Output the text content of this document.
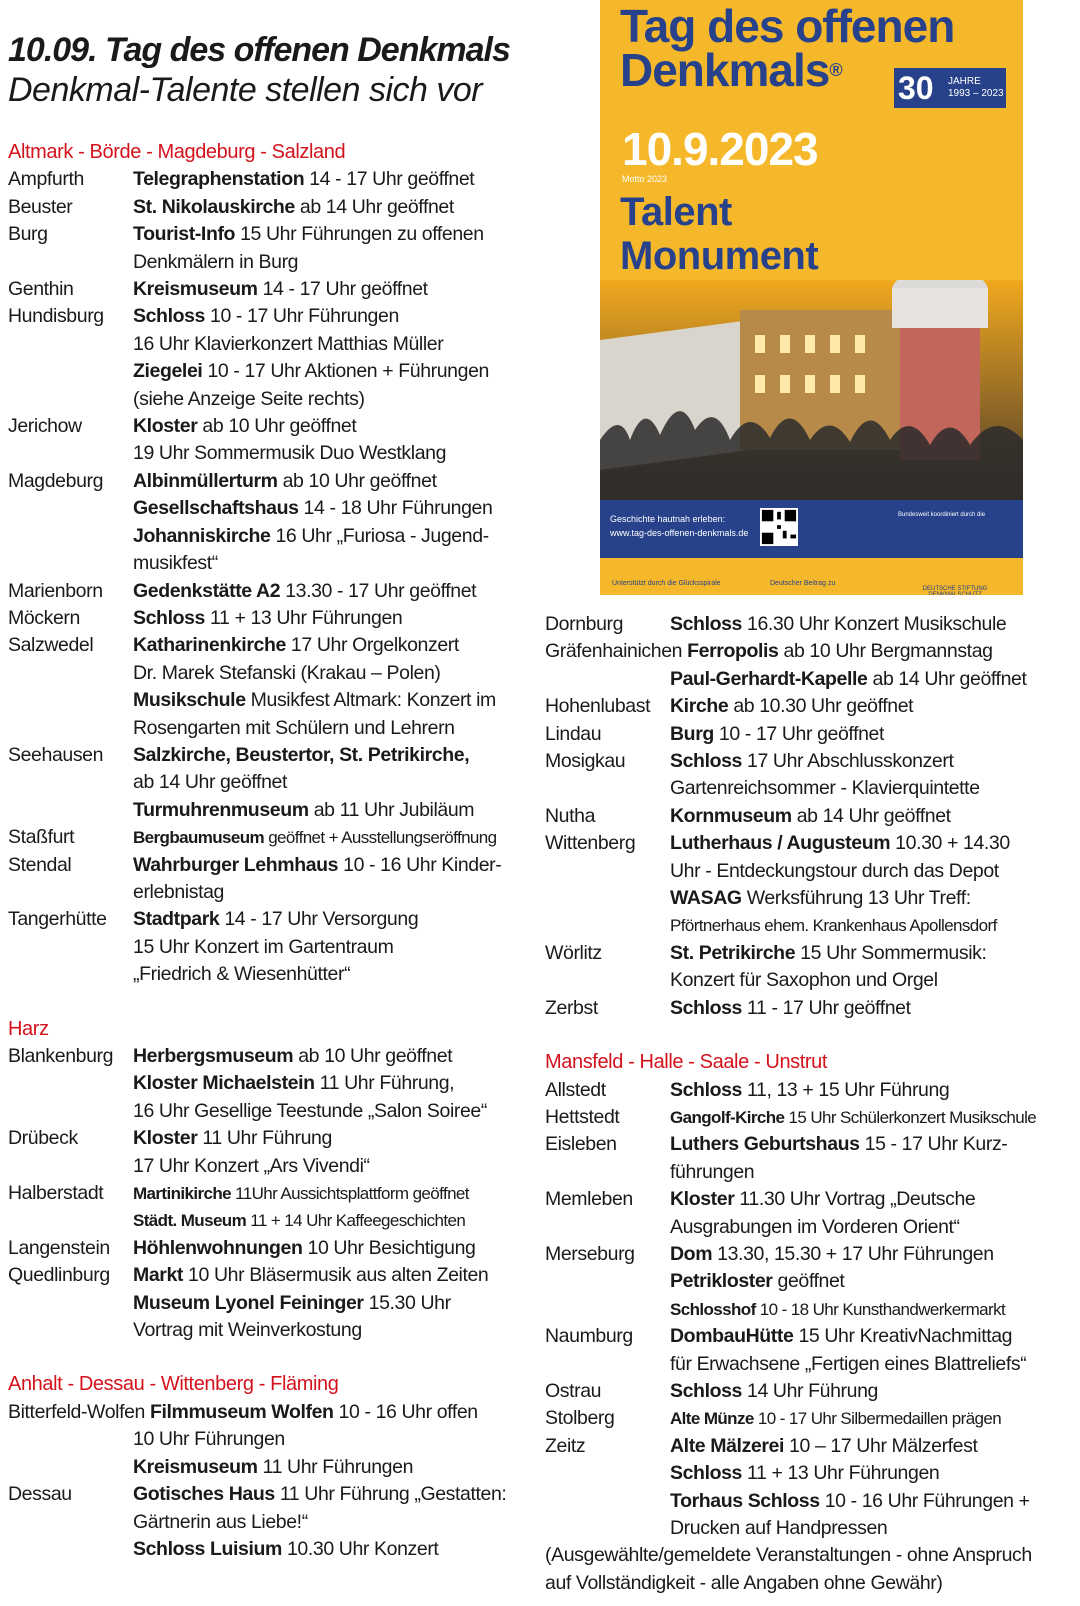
10.09. Tag des offenen Denkmals
Denkmal-Talente stellen sich vor
Tag des offenen
Denkmals®	30	JAHRE
1993 – 2023
10.9.2023
Motto 2023
Talent
Monument
Geschichte hautnah erleben:
www.tag-des-offenen-denkmals.de
Bundesweit koordiniert durch die
Unterstützt durch die Glücksspirale	Deutscher Beitrag zu
DEUTSCHE STIFTUNG DENKMALSCHUTZ
Altmark - Börde - Magdeburg - Salzland
Ampfurth	Telegraphenstation 14 - 17 Uhr geöffnet
Beuster	St. Nikolauskirche ab 14 Uhr geöffnet
Burg	Tourist-Info 15 Uhr Führungen zu offenen
Denkmälern in Burg
Genthin	Kreismuseum 14 - 17 Uhr geöffnet
Hundisburg	Schloss 10 - 17 Uhr Führungen
16 Uhr Klavierkonzert Matthias Müller
Ziegelei 10 - 17 Uhr Aktionen + Führungen
(siehe Anzeige Seite rechts)
Jerichow	Kloster ab 10 Uhr geöffnet
19 Uhr Sommermusik Duo Westklang
Magdeburg	Albinmüllerturm ab 10 Uhr geöffnet
Gesellschaftshaus 14 - 18 Uhr Führungen
Johanniskirche 16 Uhr „Furiosa - Jugend-
musikfest“
Marienborn	Gedenkstätte A2 13.30 - 17 Uhr geöffnet
Möckern	Schloss 11 + 13 Uhr Führungen
Salzwedel	Katharinenkirche 17 Uhr Orgelkonzert
Dr. Marek Stefanski (Krakau – Polen)
Musikschule Musikfest Altmark: Konzert im
Rosengarten mit Schülern und Lehrern
Seehausen	Salzkirche, Beustertor, St. Petrikirche,
ab 14 Uhr geöffnet
Turmuhrenmuseum ab 11 Uhr Jubiläum
Staßfurt	Bergbaumuseum geöffnet + Ausstellungseröffnung
Stendal	Wahrburger Lehmhaus 10 - 16 Uhr Kinder-
erlebnistag
Tangerhütte	Stadtpark 14 - 17 Uhr Versorgung
15 Uhr Konzert im Gartentraum
„Friedrich & Wiesenhütter“
Harz
Blankenburg	Herbergsmuseum ab 10 Uhr geöffnet
Kloster Michaelstein 11 Uhr Führung,
16 Uhr Gesellige Teestunde „Salon Soiree“
Drübeck	Kloster 11 Uhr Führung
17 Uhr Konzert „Ars Vivendi“
Halberstadt	Martinikirche 11Uhr Aussichtsplattform geöffnet
Städt. Museum 11 + 14 Uhr Kaffeegeschichten
Langenstein	Höhlenwohnungen 10 Uhr Besichtigung
Quedlinburg	Markt 10 Uhr Bläsermusik aus alten Zeiten
Museum Lyonel Feininger 15.30 Uhr
Vortrag mit Weinverkostung
Anhalt - Dessau - Wittenberg - Fläming
Bitterfeld-Wolfen Filmmuseum Wolfen 10 - 16 Uhr offen
10 Uhr Führungen
Kreismuseum 11 Uhr Führungen
Dessau	Gotisches Haus 11 Uhr Führung „Gestatten:
Gärtnerin aus Liebe!“
Schloss Luisium 10.30 Uhr Konzert
Dornburg	Schloss 16.30 Uhr Konzert Musikschule
Gräfenhainichen Ferropolis ab 10 Uhr Bergmannstag
Paul-Gerhardt-Kapelle ab 14 Uhr geöffnet
Hohenlubast	Kirche ab 10.30 Uhr geöffnet
Lindau	Burg 10 - 17 Uhr geöffnet
Mosigkau	Schloss 17 Uhr Abschlusskonzert
Gartenreichsommer - Klavierquintette
Nutha	Kornmuseum ab 14 Uhr geöffnet
Wittenberg	Lutherhaus / Augusteum 10.30 + 14.30
Uhr - Entdeckungstour durch das Depot
WASAG Werksführung 13 Uhr Treff:
Pförtnerhaus ehem. Krankenhaus Apollensdorf
Wörlitz	St. Petrikirche 15 Uhr Sommermusik:
Konzert für Saxophon und Orgel
Zerbst	Schloss 11 - 17 Uhr geöffnet
Mansfeld - Halle - Saale - Unstrut
Allstedt	Schloss 11, 13 + 15 Uhr Führung
Hettstedt	Gangolf-Kirche 15 Uhr Schülerkonzert Musikschule
Eisleben	Luthers Geburtshaus 15 - 17 Uhr Kurz-
führungen
Memleben	Kloster 11.30 Uhr Vortrag „Deutsche
Ausgrabungen im Vorderen Orient“
Merseburg	Dom 13.30, 15.30 + 17 Uhr Führungen
Petrikloster geöffnet
Schlosshof 10 - 18 Uhr Kunsthandwerkermarkt
Naumburg	DombauHütte 15 Uhr KreativNachmittag
für Erwachsene „Fertigen eines Blattreliefs“
Ostrau	Schloss 14 Uhr Führung
Stolberg	Alte Münze 10 - 17 Uhr Silbermedaillen prägen
Zeitz	Alte Mälzerei 10 – 17 Uhr Mälzerfest
Schloss 11 + 13 Uhr Führungen
Torhaus Schloss 10 - 16 Uhr Führungen +
Drucken auf Handpressen
(Ausgewählte/gemeldete Veranstaltungen - ohne Anspruch
auf Vollständigkeit - alle Angaben ohne Gewähr)
